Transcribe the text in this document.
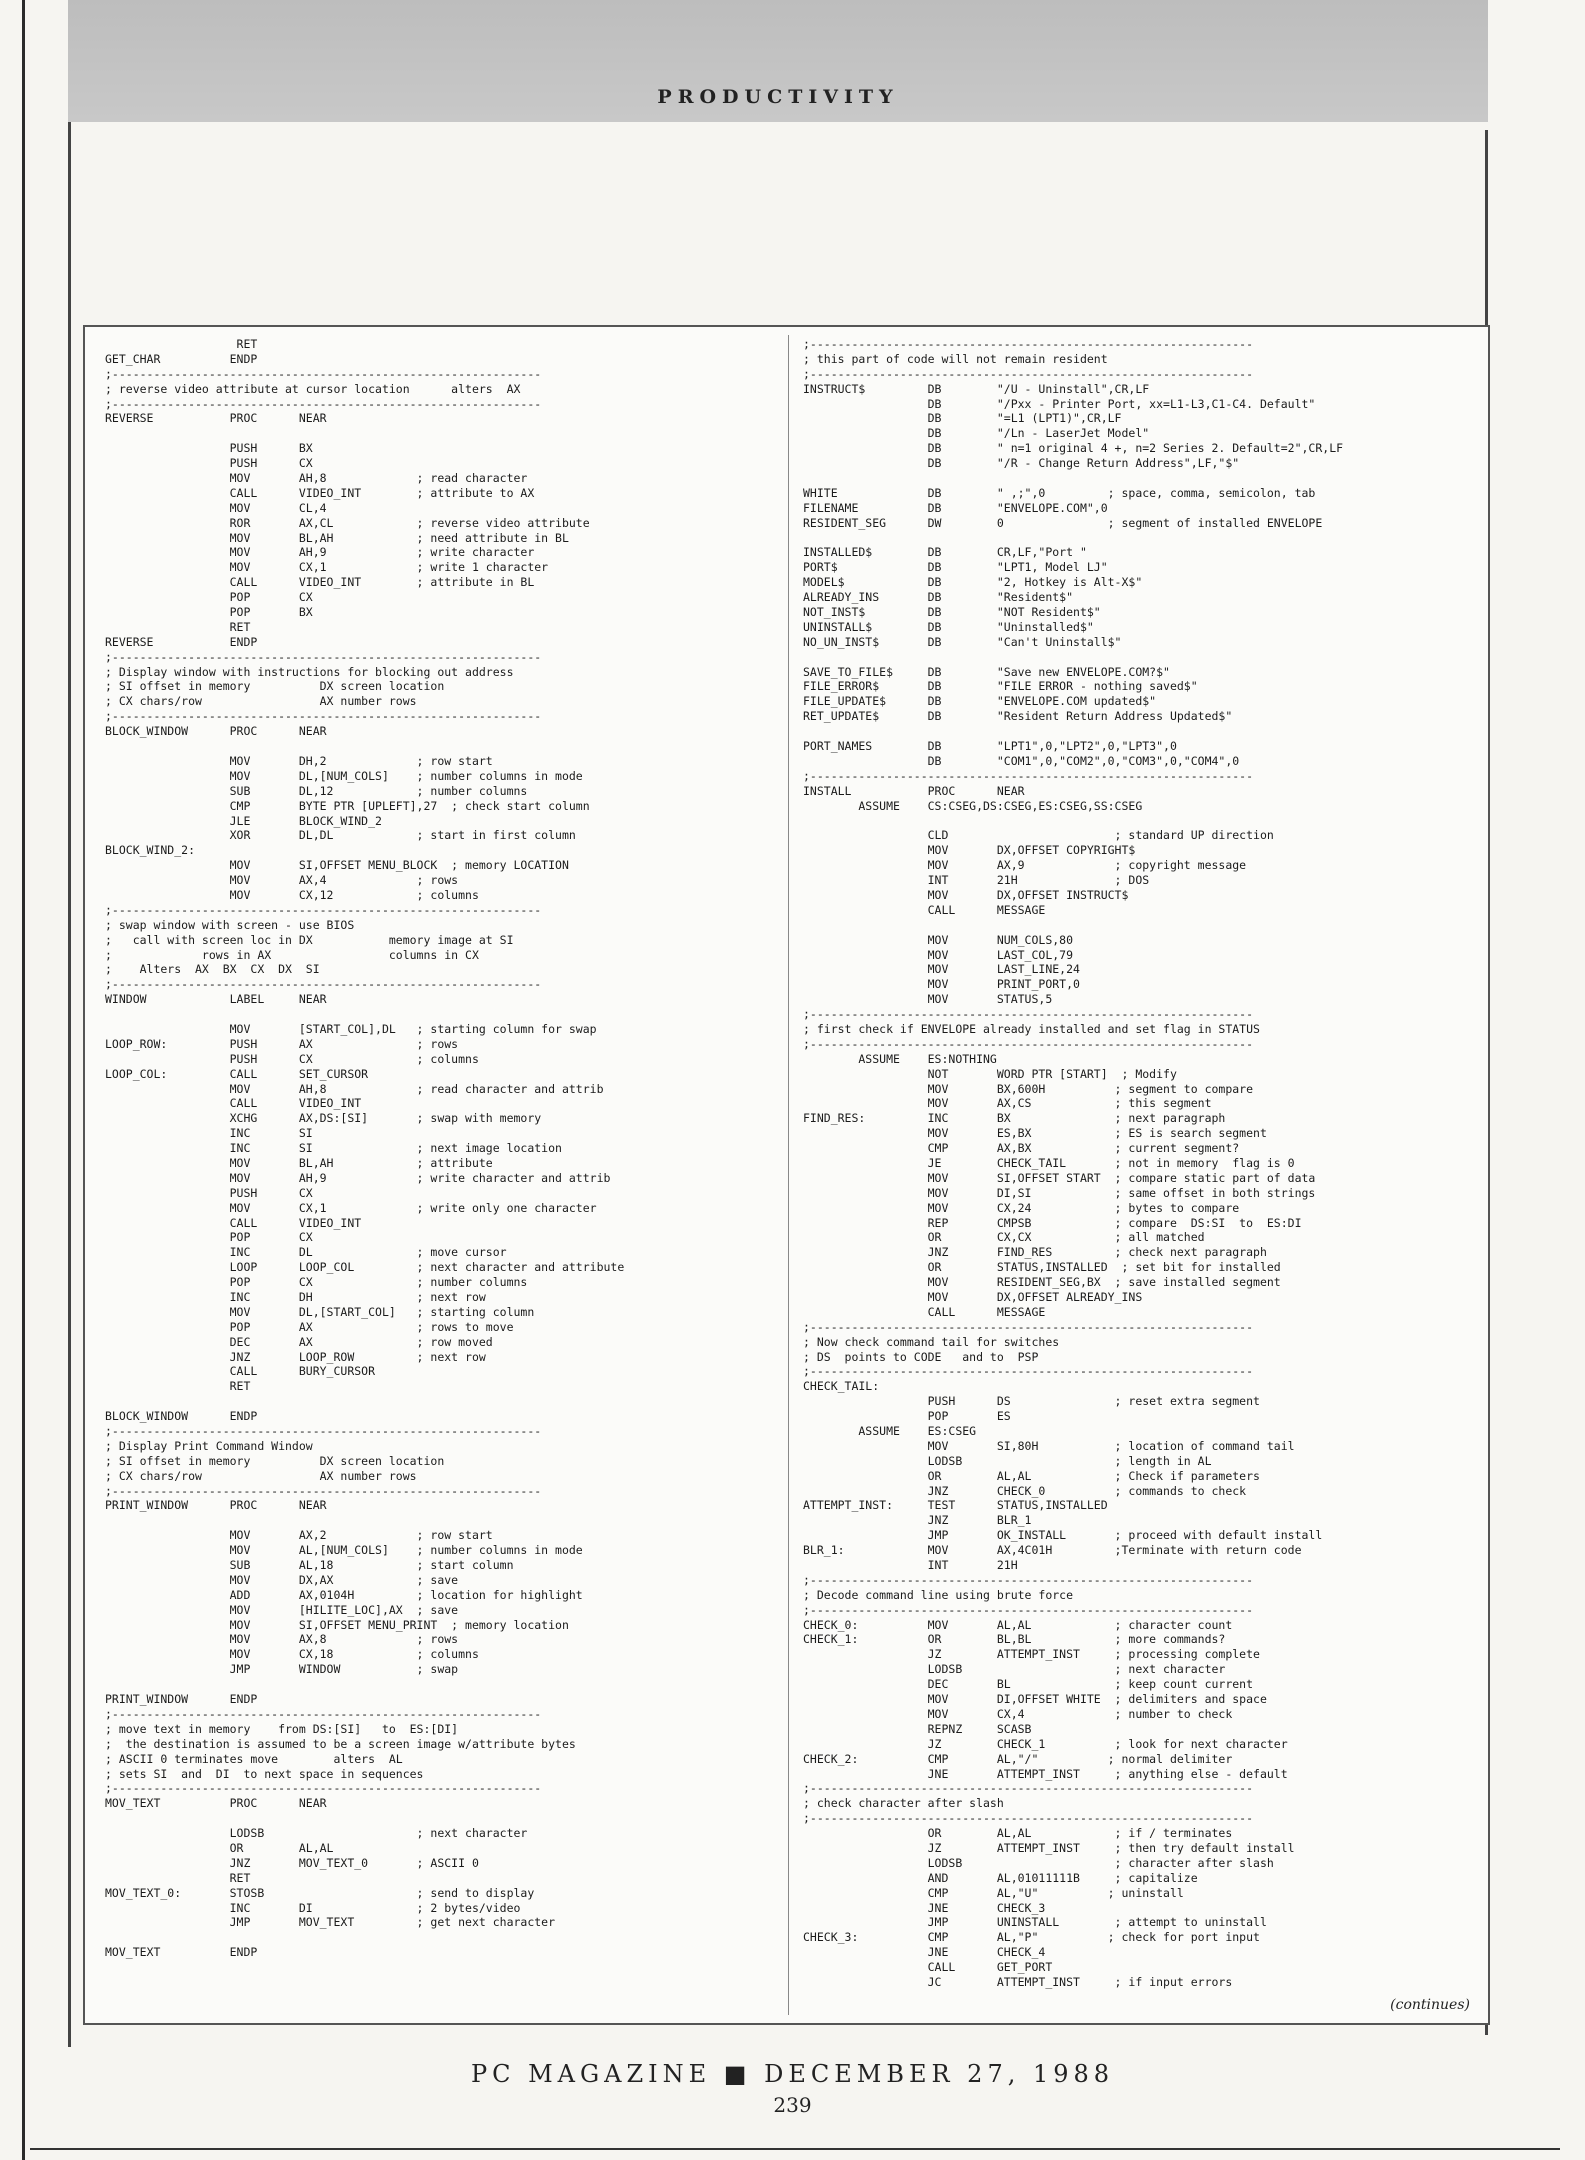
PRODUCTIVITY
RET
GET_CHAR          ENDP
;--------------------------------------------------------------
; reverse video attribute at cursor location      alters  AX
;--------------------------------------------------------------
REVERSE           PROC      NEAR
PUSH      BX
PUSH      CX
MOV       AH,8             ; read character
CALL      VIDEO_INT        ; attribute to AX
MOV       CL,4
ROR       AX,CL            ; reverse video attribute
MOV       BL,AH            ; need attribute in BL
MOV       AH,9             ; write character
MOV       CX,1             ; write 1 character
CALL      VIDEO_INT        ; attribute in BL
POP       CX
POP       BX
RET
REVERSE           ENDP
;--------------------------------------------------------------
; Display window with instructions for blocking out address
; SI offset in memory          DX screen location
; CX chars/row                 AX number rows
;--------------------------------------------------------------
BLOCK_WINDOW      PROC      NEAR
MOV       DH,2             ; row start
MOV       DL,[NUM_COLS]    ; number columns in mode
SUB       DL,12            ; number columns
CMP       BYTE PTR [UPLEFT],27  ; check start column
JLE       BLOCK_WIND_2
XOR       DL,DL            ; start in first column
BLOCK_WIND_2:
MOV       SI,OFFSET MENU_BLOCK  ; memory LOCATION
MOV       AX,4             ; rows
MOV       CX,12            ; columns
;--------------------------------------------------------------
; swap window with screen - use BIOS
;   call with screen loc in DX           memory image at SI
;             rows in AX                 columns in CX
;    Alters  AX  BX  CX  DX  SI
;--------------------------------------------------------------
WINDOW            LABEL     NEAR
MOV       [START_COL],DL   ; starting column for swap
LOOP_ROW:         PUSH      AX               ; rows
PUSH      CX               ; columns
LOOP_COL:         CALL      SET_CURSOR
MOV       AH,8             ; read character and attrib
CALL      VIDEO_INT
XCHG      AX,DS:[SI]       ; swap with memory
INC       SI
INC       SI               ; next image location
MOV       BL,AH            ; attribute
MOV       AH,9             ; write character and attrib
PUSH      CX
MOV       CX,1             ; write only one character
CALL      VIDEO_INT
POP       CX
INC       DL               ; move cursor
LOOP      LOOP_COL         ; next character and attribute
POP       CX               ; number columns
INC       DH               ; next row
MOV       DL,[START_COL]   ; starting column
POP       AX               ; rows to move
DEC       AX               ; row moved
JNZ       LOOP_ROW         ; next row
CALL      BURY_CURSOR
RET
BLOCK_WINDOW      ENDP
;--------------------------------------------------------------
; Display Print Command Window
; SI offset in memory          DX screen location
; CX chars/row                 AX number rows
;--------------------------------------------------------------
PRINT_WINDOW      PROC      NEAR
MOV       AX,2             ; row start
MOV       AL,[NUM_COLS]    ; number columns in mode
SUB       AL,18            ; start column
MOV       DX,AX            ; save
ADD       AX,0104H         ; location for highlight
MOV       [HILITE_LOC],AX  ; save
MOV       SI,OFFSET MENU_PRINT  ; memory location
MOV       AX,8             ; rows
MOV       CX,18            ; columns
JMP       WINDOW           ; swap
PRINT_WINDOW      ENDP
;--------------------------------------------------------------
; move text in memory    from DS:[SI]   to  ES:[DI]
;  the destination is assumed to be a screen image w/attribute bytes
; ASCII 0 terminates move        alters  AL
; sets SI  and  DI  to next space in sequences
;--------------------------------------------------------------
MOV_TEXT          PROC      NEAR
LODSB                      ; next character
OR        AL,AL
JNZ       MOV_TEXT_0       ; ASCII 0
RET
MOV_TEXT_0:       STOSB                      ; send to display
INC       DI               ; 2 bytes/video
JMP       MOV_TEXT         ; get next character
MOV_TEXT          ENDP
;----------------------------------------------------------------
; this part of code will not remain resident
;----------------------------------------------------------------
INSTRUCT$         DB        "/U - Uninstall",CR,LF
DB        "/Pxx - Printer Port, xx=L1-L3,C1-C4. Default"
DB        "=L1 (LPT1)",CR,LF
DB        "/Ln - LaserJet Model"
DB        " n=1 original 4 +, n=2 Series 2. Default=2",CR,LF
DB        "/R - Change Return Address",LF,"$"
WHITE             DB        " ,;",0         ; space, comma, semicolon, tab
FILENAME          DB        "ENVELOPE.COM",0
RESIDENT_SEG      DW        0               ; segment of installed ENVELOPE
INSTALLED$        DB        CR,LF,"Port "
PORT$             DB        "LPT1, Model LJ"
MODEL$            DB        "2, Hotkey is Alt-X$"
ALREADY_INS       DB        "Resident$"
NOT_INST$         DB        "NOT Resident$"
UNINSTALL$        DB        "Uninstalled$"
NO_UN_INST$       DB        "Can't Uninstall$"
SAVE_TO_FILE$     DB        "Save new ENVELOPE.COM?$"
FILE_ERROR$       DB        "FILE ERROR - nothing saved$"
FILE_UPDATE$      DB        "ENVELOPE.COM updated$"
RET_UPDATE$       DB        "Resident Return Address Updated$"
PORT_NAMES        DB        "LPT1",0,"LPT2",0,"LPT3",0
DB        "COM1",0,"COM2",0,"COM3",0,"COM4",0
;----------------------------------------------------------------
INSTALL           PROC      NEAR
ASSUME    CS:CSEG,DS:CSEG,ES:CSEG,SS:CSEG
CLD                        ; standard UP direction
MOV       DX,OFFSET COPYRIGHT$
MOV       AX,9             ; copyright message
INT       21H              ; DOS
MOV       DX,OFFSET INSTRUCT$
CALL      MESSAGE
MOV       NUM_COLS,80
MOV       LAST_COL,79
MOV       LAST_LINE,24
MOV       PRINT_PORT,0
MOV       STATUS,5
;----------------------------------------------------------------
; first check if ENVELOPE already installed and set flag in STATUS
;----------------------------------------------------------------
ASSUME    ES:NOTHING
NOT       WORD PTR [START]  ; Modify
MOV       BX,600H          ; segment to compare
MOV       AX,CS            ; this segment
FIND_RES:         INC       BX               ; next paragraph
MOV       ES,BX            ; ES is search segment
CMP       AX,BX            ; current segment?
JE        CHECK_TAIL       ; not in memory  flag is 0
MOV       SI,OFFSET START  ; compare static part of data
MOV       DI,SI            ; same offset in both strings
MOV       CX,24            ; bytes to compare
REP       CMPSB            ; compare  DS:SI  to  ES:DI
OR        CX,CX            ; all matched
JNZ       FIND_RES         ; check next paragraph
OR        STATUS,INSTALLED  ; set bit for installed
MOV       RESIDENT_SEG,BX  ; save installed segment
MOV       DX,OFFSET ALREADY_INS
CALL      MESSAGE
;----------------------------------------------------------------
; Now check command tail for switches
; DS  points to CODE   and to  PSP
;----------------------------------------------------------------
CHECK_TAIL:
PUSH      DS               ; reset extra segment
POP       ES
ASSUME    ES:CSEG
MOV       SI,80H           ; location of command tail
LODSB                      ; length in AL
OR        AL,AL            ; Check if parameters
JNZ       CHECK_0          ; commands to check
ATTEMPT_INST:     TEST      STATUS,INSTALLED
JNZ       BLR_1
JMP       OK_INSTALL       ; proceed with default install
BLR_1:            MOV       AX,4C01H         ;Terminate with return code
INT       21H
;----------------------------------------------------------------
; Decode command line using brute force
;----------------------------------------------------------------
CHECK_0:          MOV       AL,AL            ; character count
CHECK_1:          OR        BL,BL            ; more commands?
JZ        ATTEMPT_INST     ; processing complete
LODSB                      ; next character
DEC       BL               ; keep count current
MOV       DI,OFFSET WHITE  ; delimiters and space
MOV       CX,4             ; number to check
REPNZ     SCASB
JZ        CHECK_1          ; look for next character
CHECK_2:          CMP       AL,"/"          ; normal delimiter
JNE       ATTEMPT_INST     ; anything else - default
;----------------------------------------------------------------
; check character after slash
;----------------------------------------------------------------
OR        AL,AL            ; if / terminates
JZ        ATTEMPT_INST     ; then try default install
LODSB                      ; character after slash
AND       AL,01011111B     ; capitalize
CMP       AL,"U"          ; uninstall
JNE       CHECK_3
JMP       UNINSTALL        ; attempt to uninstall
CHECK_3:          CMP       AL,"P"          ; check for port input
JNE       CHECK_4
CALL      GET_PORT
JC        ATTEMPT_INST     ; if input errors
(continues)
PC MAGAZINE ■ DECEMBER 27, 1988
239
